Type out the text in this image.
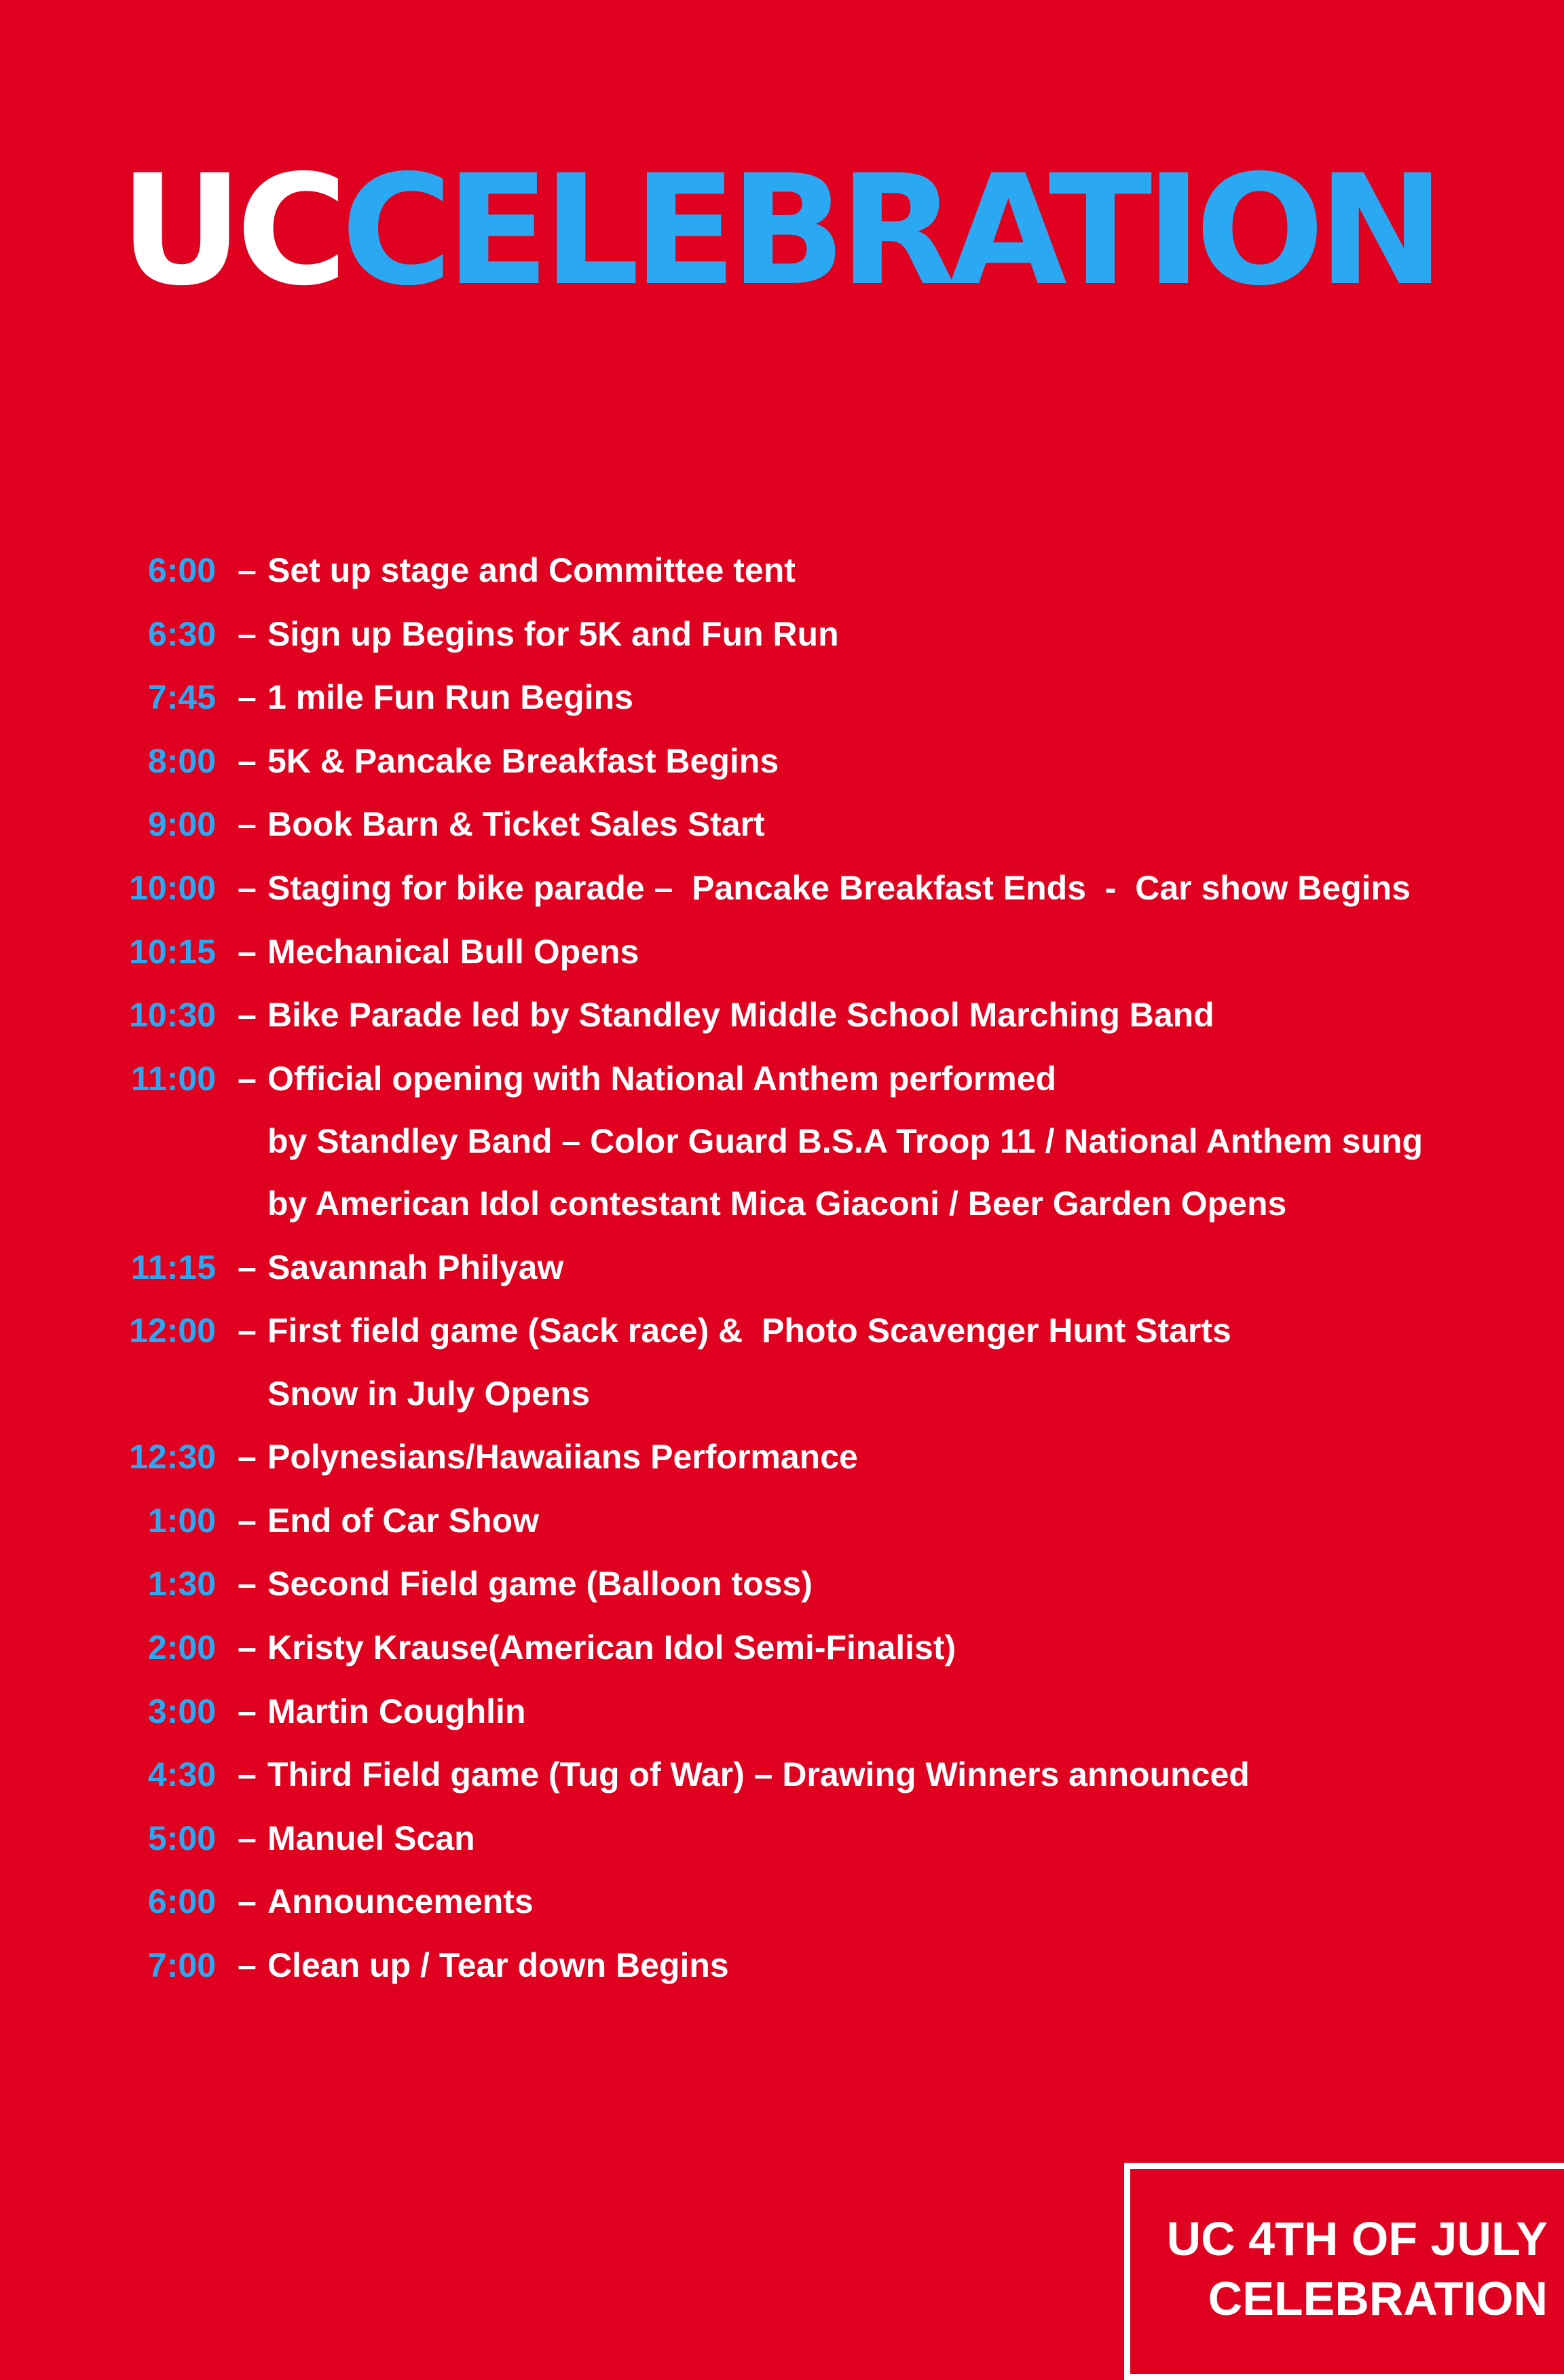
UCCELEBRATION
6:00 – Set up stage and Committee tent
6:30 – Sign up Begins for 5K and Fun Run
7:45 – 1 mile Fun Run Begins
8:00 – 5K & Pancake Breakfast Begins
9:00 – Book Barn & Ticket Sales Start
10:00 – Staging for bike parade –  Pancake Breakfast Ends  -  Car show Begins
10:15 – Mechanical Bull Opens
10:30 – Bike Parade led by Standley Middle School Marching Band
11:00 – Official opening with National Anthem performed
by Standley Band – Color Guard B.S.A Troop 11 / National Anthem sung
by American Idol contestant Mica Giaconi / Beer Garden Opens
11:15 – Savannah Philyaw
12:00 – First field game (Sack race) &  Photo Scavenger Hunt Starts
Snow in July Opens
12:30 – Polynesians/Hawaiians Performance
1:00 – End of Car Show
1:30 – Second Field game (Balloon toss)
2:00 – Kristy Krause(American Idol Semi-Finalist)
3:00 – Martin Coughlin
4:30 – Third Field game (Tug of War) – Drawing Winners announced
5:00 – Manuel Scan
6:00 – Announcements
7:00 – Clean up / Tear down Begins
UC 4TH OF JULY
CELEBRATION
